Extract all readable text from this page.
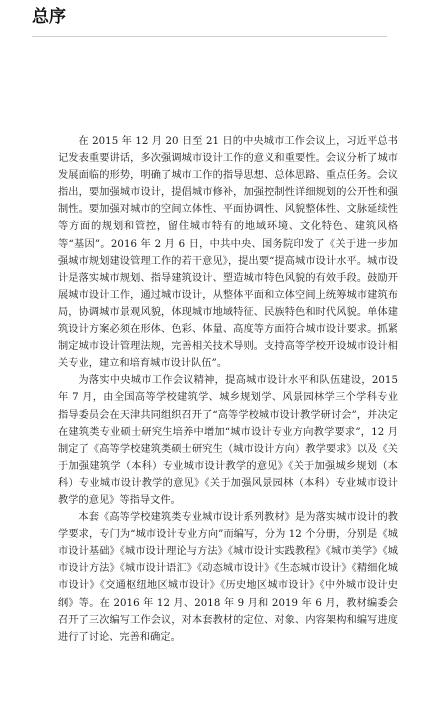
总序

在 2015 年 12 月 20 日至 21 日的中央城市工作会议上，习近平总书记发表重要讲话，多次强调城市设计工作的意义和重要性。会议分析了城市发展面临的形势，明确了城市工作的指导思想、总体思路、重点任务。会议指出，要加强城市设计，提倡城市修补，加强控制性详细规划的公开性和强制性。要加强对城市的空间立体性、平面协调性、风貌整体性、文脉延续性等方面的规划和管控，留住城市特有的地域环境、文化特色、建筑风格等“基因”。2016 年 2 月 6 日，中共中央、国务院印发了《关于进一步加强城市规划建设管理工作的若干意见》，提出要“提高城市设计水平。城市设计是落实城市规划、指导建筑设计、塑造城市特色风貌的有效手段。鼓励开展城市设计工作，通过城市设计，从整体平面和立体空间上统筹城市建筑布局，协调城市景观风貌，体现城市地域特征、民族特色和时代风貌。单体建筑设计方案必须在形体、色彩、体量、高度等方面符合城市设计要求。抓紧制定城市设计管理法规，完善相关技术导则。支持高等学校开设城市设计相关专业，建立和培育城市设计队伍”。

为落实中央城市工作会议精神，提高城市设计水平和队伍建设，2015 年 7 月，由全国高等学校建筑学、城乡规划学、风景园林学三个学科专业指导委员会在天津共同组织召开了“高等学校城市设计教学研讨会”，并决定在建筑类专业硕士研究生培养中增加“城市设计专业方向教学要求”，12 月制定了《高等学校建筑类硕士研究生（城市设计方向）教学要求》以及《关于加强建筑学（本科）专业城市设计教学的意见》《关于加强城乡规划（本科）专业城市设计教学的意见》《关于加强风景园林（本科）专业城市设计教学的意见》等指导文件。

本套《高等学校建筑类专业城市设计系列教材》是为落实城市设计的教学要求，专门为“城市设计专业方向”而编写，分为 12 个分册，分别是《城市设计基础》《城市设计理论与方法》《城市设计实践教程》《城市美学》《城市设计方法》《城市设计语汇》《动态城市设计》《生态城市设计》《精细化城市设计》《交通枢纽地区城市设计》《历史地区城市设计》《中外城市设计史纲》等。在 2016 年 12 月、2018 年 9 月和 2019 年 6 月，教材编委会召开了三次编写工作会议，对本套教材的定位、对象、内容架构和编写进度进行了讨论、完善和确定。
